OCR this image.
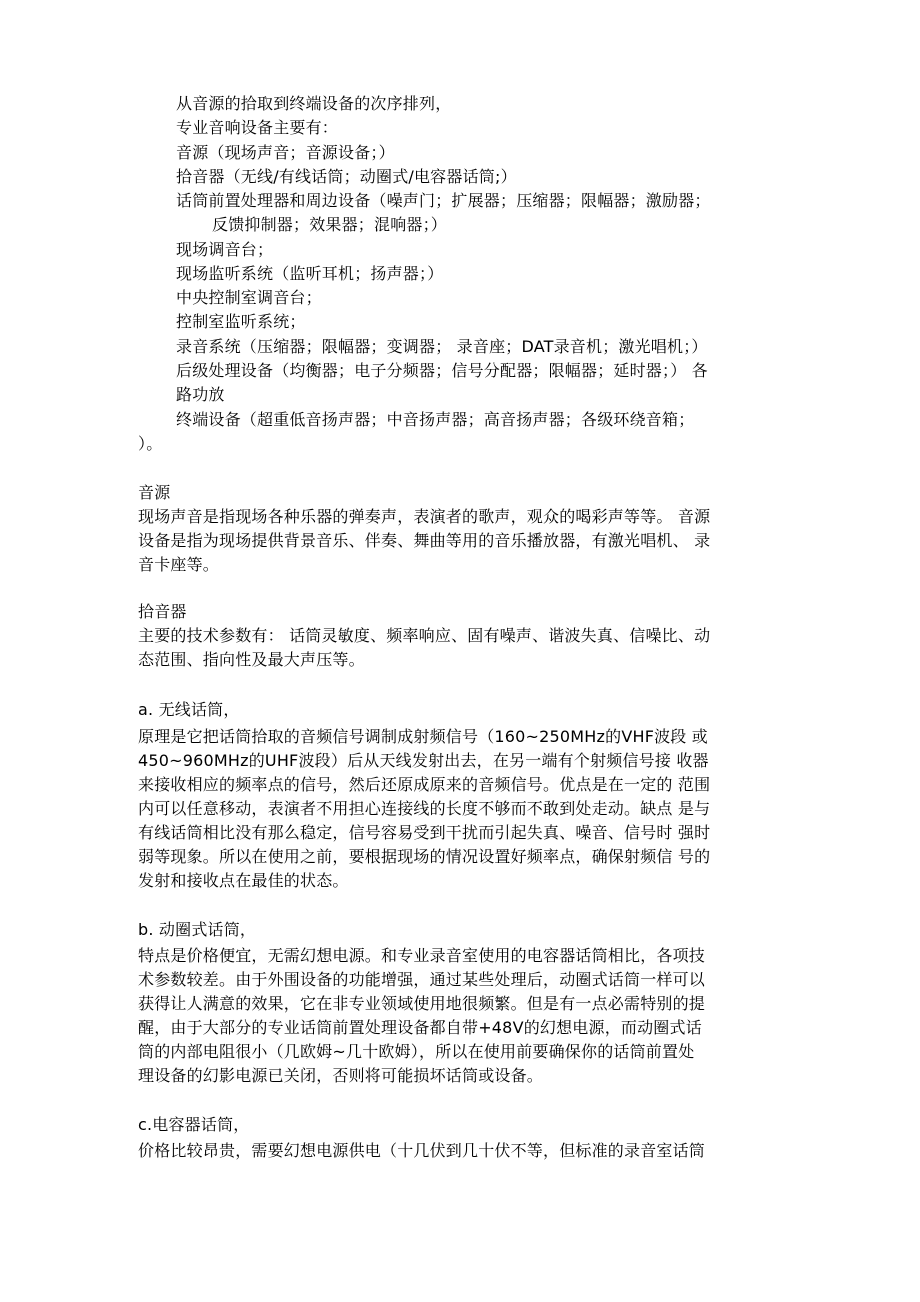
从音源的拾取到终端设备的次序排列，
专业音响设备主要有：
音源（现场声音；音源设备；）
拾音器（无线/有线话筒；动圈式/电容器话筒;）
话筒前置处理器和周边设备（噪声门；扩展器；压缩器；限幅器；激励器；
反馈抑制器；效果器；混响器；）
现场调音台；
现场监听系统（监听耳机；扬声器；）
中央控制室调音台；
控制室监听系统；
录音系统（压缩器；限幅器；变调器； 录音座；DAT录音机；激光唱机；）
后级处理设备（均衡器；电子分频器；信号分配器；限幅器；延时器；） 各
路功放
终端设备（超重低音扬声器；中音扬声器；高音扬声器；各级环绕音箱；
）。
音源
现场声音是指现场各种乐器的弹奏声，表演者的歌声，观众的喝彩声等等。 音源
设备是指为现场提供背景音乐、伴奏、舞曲等用的音乐播放器，有激光唱机、 录
音卡座等。
拾音器
主要的技术参数有： 话筒灵敏度、频率响应、固有噪声、谐波失真、信噪比、动
态范围、指向性及最大声压等。
a. 无线话筒，
原理是它把话筒拾取的音频信号调制成射频信号（160~250MHz的VHF波段 或
450~960MHz的UHF波段）后从天线发射出去，在另一端有个射频信号接 收器
来接收相应的频率点的信号，然后还原成原来的音频信号。优点是在一定的 范围
内可以任意移动，表演者不用担心连接线的长度不够而不敢到处走动。缺点 是与
有线话筒相比没有那么稳定，信号容易受到干扰而引起失真、噪音、信号时 强时
弱等现象。所以在使用之前，要根据现场的情况设置好频率点，确保射频信 号的
发射和接收点在最佳的状态。
b. 动圈式话筒，
特点是价格便宜，无需幻想电源。和专业录音室使用的电容器话筒相比，各项技
术参数较差。由于外围设备的功能增强，通过某些处理后，动圈式话筒一样可以
获得让人满意的效果，它在非专业领域使用地很频繁。但是有一点必需特别的提
醒，由于大部分的专业话筒前置处理设备都自带+48V的幻想电源，而动圈式话
筒的内部电阻很小（几欧姆~几十欧姆），所以在使用前要确保你的话筒前置处
理设备的幻影电源已关闭，否则将可能损坏话筒或设备。
c.电容器话筒，
价格比较昂贵，需要幻想电源供电（十几伏到几十伏不等，但标准的录音室话筒
